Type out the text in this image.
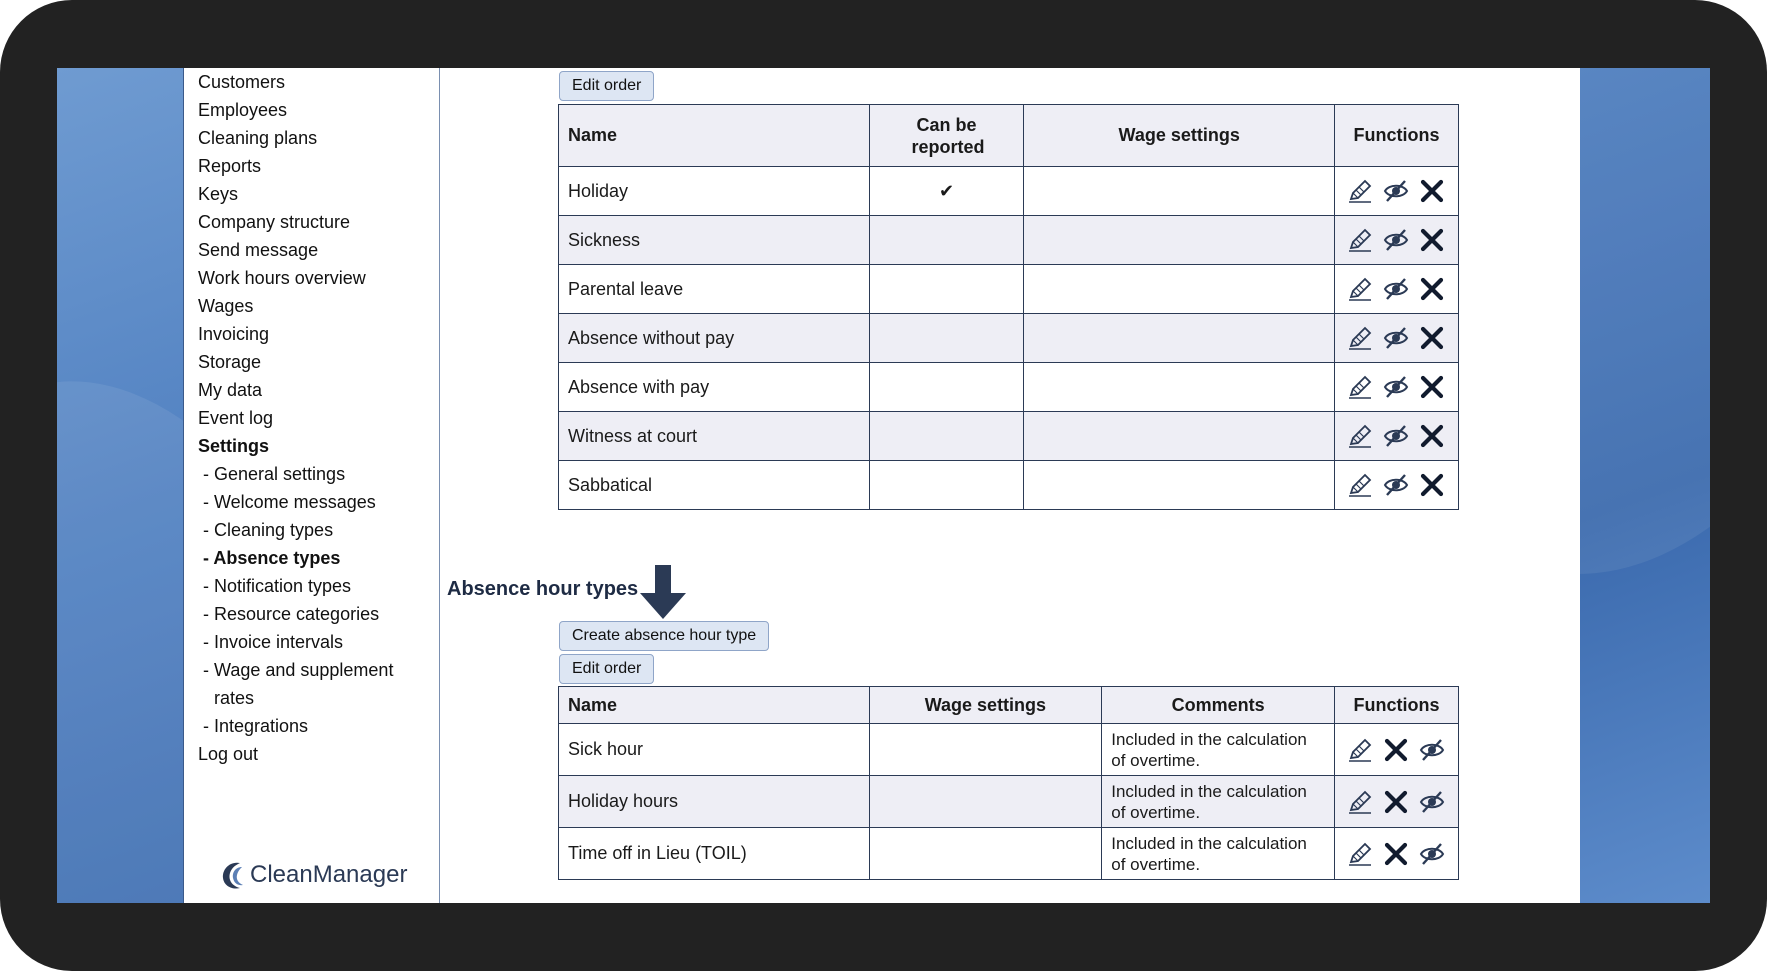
Customers
Employees
Cleaning plans
Reports
Keys
Company structure
Send message
Work hours overview
Wages
Invoicing
Storage
My data
Event log
Settings
- General settings
- Welcome messages
- Cleaning types
- Absence types
- Notification types
- Resource categories
- Invoice intervals
- Wage and supplement
rates
- Integrations
Log out
CleanManager
Edit order
Name	Can be reported	Wage settings	Functions
Holiday	✔		

Sickness			

Parental leave			

Absence without pay			

Absence with pay			

Witness at court			

Sabbatical			
Absence hour types
Create absence hour type
Edit order
Name	Wage settings	Comments	Functions
Sick hour		Included in the calculation of overtime.	

Holiday hours		Included in the calculation of overtime.	

Time off in Lieu (TOIL)		Included in the calculation of overtime.	
